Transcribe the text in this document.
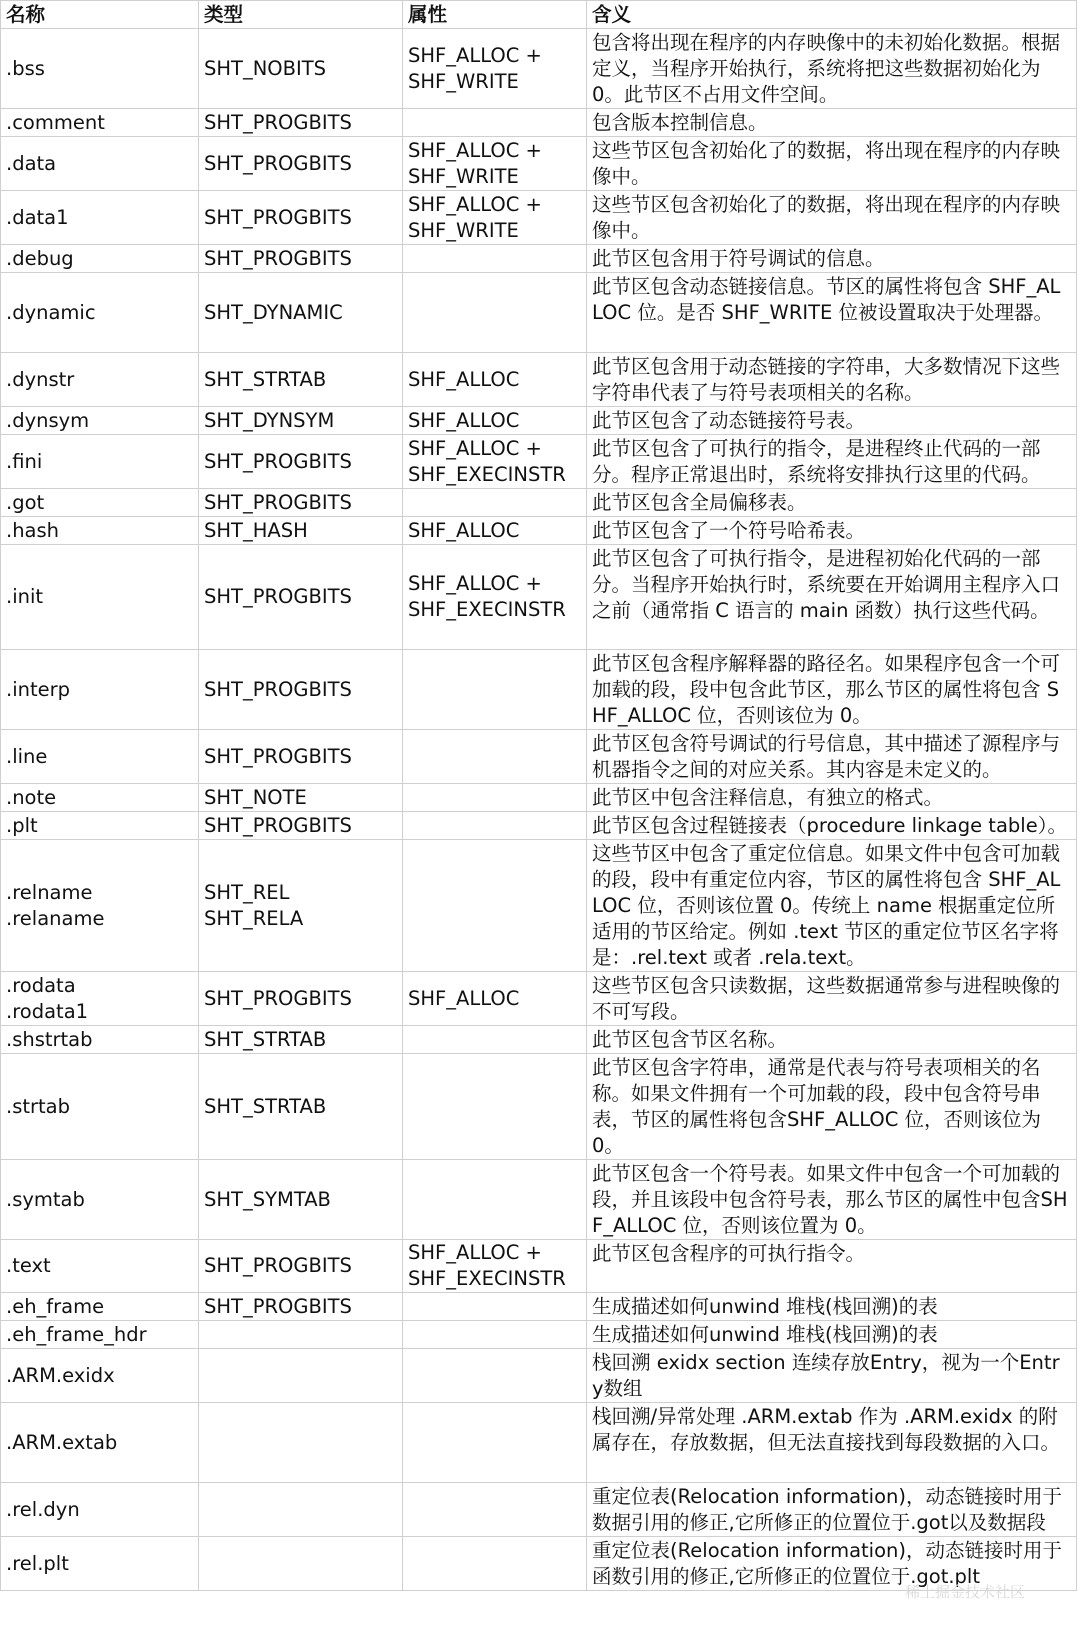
名称	类型	属性	含义

.bss	SHT_NOBITS	SHF_ALLOC +
SHF_WRITE	包含将出现在程序的内存映像中的未初始化数据。根据定义，当程序开始执行，系统将把这些数据初始化为 0。此节区不占用文件空间。

.comment	SHT_PROGBITS		包含版本控制信息。

.data	SHT_PROGBITS	SHF_ALLOC +
SHF_WRITE	这些节区包含初始化了的数据，将出现在程序的内存映像中。

.data1	SHT_PROGBITS	SHF_ALLOC +
SHF_WRITE	这些节区包含初始化了的数据，将出现在程序的内存映像中。

.debug	SHT_PROGBITS		此节区包含用于符号调试的信息。

.dynamic	SHT_DYNAMIC		此节区包含动态链接信息。节区的属性将包含 SHF_ALLOC 位。是否 SHF_WRITE 位被设置取决于处理器。

.dynstr	SHT_STRTAB	SHF_ALLOC	此节区包含用于动态链接的字符串，大多数情况下这些字符串代表了与符号表项相关的名称。

.dynsym	SHT_DYNSYM	SHF_ALLOC	此节区包含了动态链接符号表。

.fini	SHT_PROGBITS	SHF_ALLOC +
SHF_EXECINSTR	此节区包含了可执行的指令，是进程终止代码的一部分。程序正常退出时，系统将安排执行这里的代码。

.got	SHT_PROGBITS		此节区包含全局偏移表。

.hash	SHT_HASH	SHF_ALLOC	此节区包含了一个符号哈希表。

.init	SHT_PROGBITS	SHF_ALLOC +
SHF_EXECINSTR	此节区包含了可执行指令，是进程初始化代码的一部分。当程序开始执行时，系统要在开始调用主程序入口之前（通常指 C 语言的 main 函数）执行这些代码。

.interp	SHT_PROGBITS		此节区包含程序解释器的路径名。如果程序包含一个可加载的段，段中包含此节区，那么节区的属性将包含 SHF_ALLOC 位，否则该位为 0。

.line	SHT_PROGBITS		此节区包含符号调试的行号信息，其中描述了源程序与机器指令之间的对应关系。其内容是未定义的。

.note	SHT_NOTE		此节区中包含注释信息，有独立的格式。

.plt	SHT_PROGBITS		此节区包含过程链接表（procedure linkage table）。

.relname
.relaname	SHT_REL
SHT_RELA		这些节区中包含了重定位信息。如果文件中包含可加载的段，段中有重定位内容，节区的属性将包含 SHF_ALLOC 位，否则该位置 0。传统上 name 根据重定位所适用的节区给定。例如 .text 节区的重定位节区名字将是：.rel.text 或者 .rela.text。

.rodata
.rodata1	SHT_PROGBITS	SHF_ALLOC	这些节区包含只读数据，这些数据通常参与进程映像的不可写段。

.shstrtab	SHT_STRTAB		此节区包含节区名称。

.strtab	SHT_STRTAB		此节区包含字符串，通常是代表与符号表项相关的名称。如果文件拥有一个可加载的段，段中包含符号串表，节区的属性将包含SHF_ALLOC 位，否则该位为 0。

.symtab	SHT_SYMTAB		此节区包含一个符号表。如果文件中包含一个可加载的段，并且该段中包含符号表，那么节区的属性中包含SHF_ALLOC 位，否则该位置为 0。

.text	SHT_PROGBITS	SHF_ALLOC +
SHF_EXECINSTR	此节区包含程序的可执行指令。

.eh_frame	SHT_PROGBITS		生成描述如何unwind 堆栈(栈回溯)的表

.eh_frame_hdr			生成描述如何unwind 堆栈(栈回溯)的表

.ARM.exidx			栈回溯 exidx section 连续存放Entry，视为一个Entry数组

.ARM.extab			栈回溯/异常处理 .ARM.extab 作为 .ARM.exidx 的附属存在，存放数据，但无法直接找到每段数据的入口。

.rel.dyn			重定位表(Relocation information)，动态链接时用于数据引用的修正,它所修正的位置位于.got以及数据段

.rel.plt			重定位表(Relocation information)，动态链接时用于函数引用的修正,它所修正的位置位于.got.plt
稀土掘金技术社区
